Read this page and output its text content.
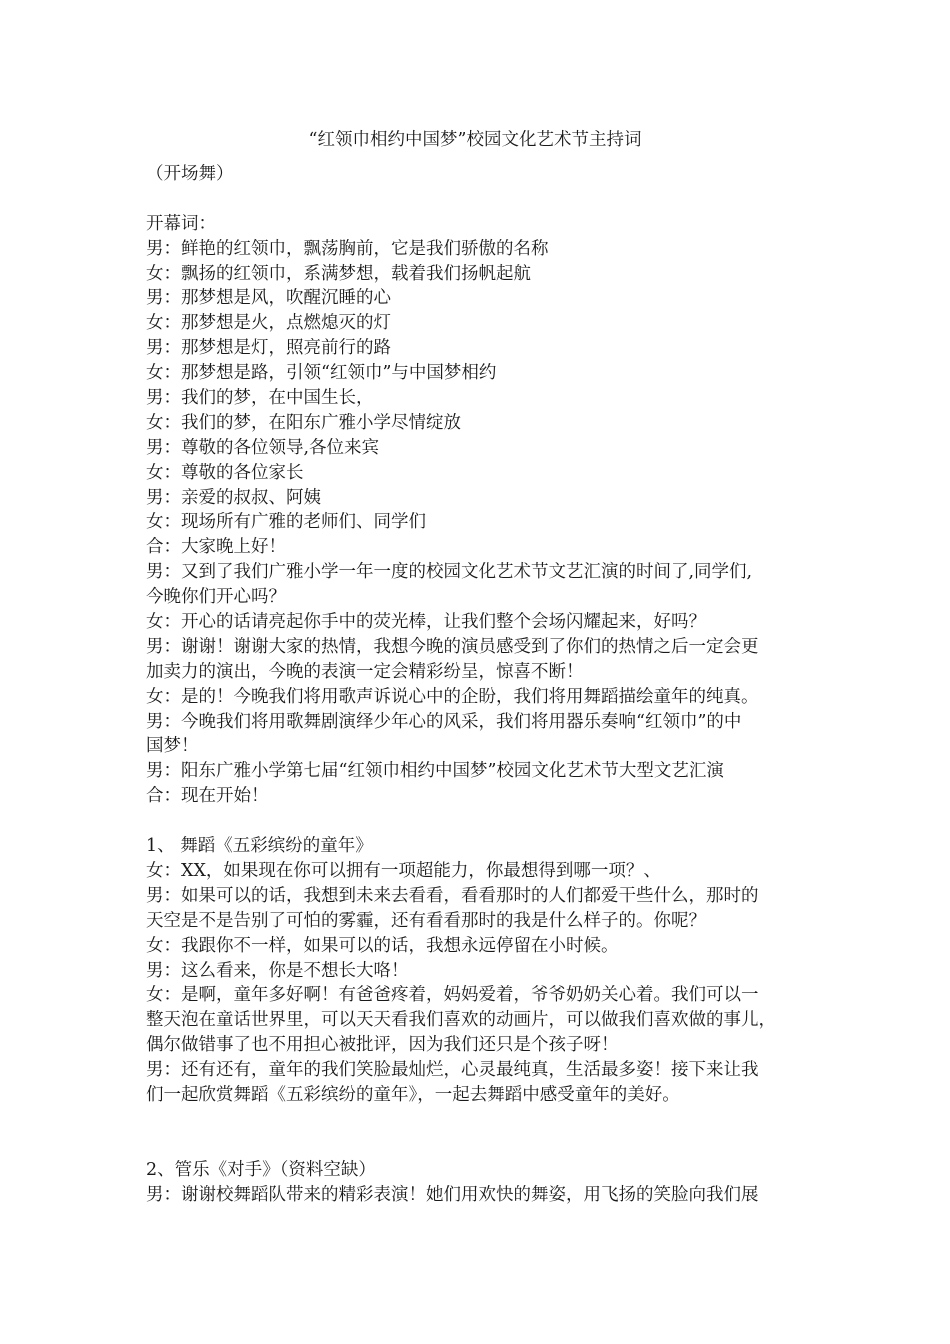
“红领巾相约中国梦”校园文化艺术节主持词
（开场舞）
开幕词：
男：鲜艳的红领巾，飘荡胸前，它是我们骄傲的名称
女：飘扬的红领巾，系满梦想，载着我们扬帆起航
男：那梦想是风，吹醒沉睡的心
女：那梦想是火，点燃熄灭的灯
男：那梦想是灯，照亮前行的路
女：那梦想是路，引领“红领巾”与中国梦相约
男：我们的梦，在中国生长，
女：我们的梦，在阳东广雅小学尽情绽放
男：尊敬的各位领导,各位来宾
女：尊敬的各位家长
男：亲爱的叔叔、阿姨
女：现场所有广雅的老师们、同学们
合：大家晚上好！
男：又到了我们广雅小学一年一度的校园文化艺术节文艺汇演的时间了,同学们,
今晚你们开心吗？
女：开心的话请亮起你手中的荧光棒，让我们整个会场闪耀起来，好吗？
男：谢谢！谢谢大家的热情，我想今晚的演员感受到了你们的热情之后一定会更
加卖力的演出，今晚的表演一定会精彩纷呈，惊喜不断！
女：是的！今晚我们将用歌声诉说心中的企盼，我们将用舞蹈描绘童年的纯真。
男：今晚我们将用歌舞剧演绎少年心的风采，我们将用器乐奏响“红领巾”的中
国梦！
男：阳东广雅小学第七届“红领巾相约中国梦”校园文化艺术节大型文艺汇演
合：现在开始！
1、 舞蹈《五彩缤纷的童年》
女：XX，如果现在你可以拥有一项超能力，你最想得到哪一项？、
男：如果可以的话，我想到未来去看看，看看那时的人们都爱干些什么，那时的
天空是不是告别了可怕的雾霾，还有看看那时的我是什么样子的。你呢？
女：我跟你不一样，如果可以的话，我想永远停留在小时候。
男：这么看来，你是不想长大咯！
女：是啊，童年多好啊！有爸爸疼着，妈妈爱着，爷爷奶奶关心着。我们可以一
整天泡在童话世界里，可以天天看我们喜欢的动画片，可以做我们喜欢做的事儿，
偶尔做错事了也不用担心被批评，因为我们还只是个孩子呀！
男：还有还有，童年的我们笑脸最灿烂，心灵最纯真，生活最多姿！接下来让我
们一起欣赏舞蹈《五彩缤纷的童年》，一起去舞蹈中感受童年的美好。
2、管乐《对手》（资料空缺）
男：谢谢校舞蹈队带来的精彩表演！她们用欢快的舞姿，用飞扬的笑脸向我们展
